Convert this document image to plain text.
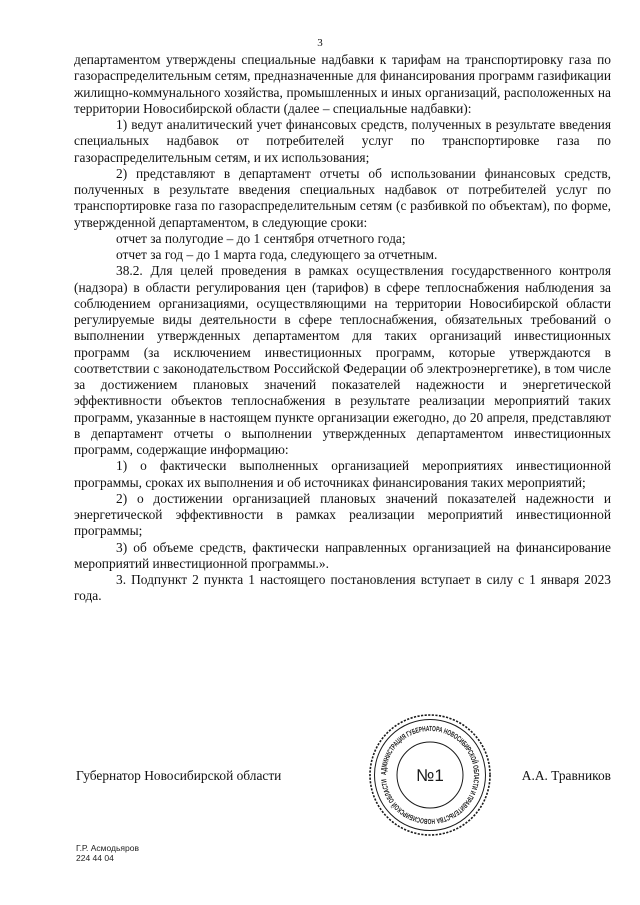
3

департаментом утверждены специальные надбавки к тарифам на транспортировку газа по газораспределительным сетям, предназначенные для финансирования программ газификации жилищно-коммунального хозяйства, промышленных и иных организаций, расположенных на территории Новосибирской области (далее – специальные надбавки):

1) ведут аналитический учет финансовых средств, полученных в результате введения специальных надбавок от потребителей услуг по транспортировке газа по газораспределительным сетям, и их использования;

2) представляют в департамент отчеты об использовании финансовых средств, полученных в результате введения специальных надбавок от потребителей услуг по транспортировке газа по газораспределительным сетям (с разбивкой по объектам), по форме, утвержденной департаментом, в следующие сроки:

отчет за полугодие – до 1 сентября отчетного года;

отчет за год – до 1 марта года, следующего за отчетным.

38.2. Для целей проведения в рамках осуществления государственного контроля (надзора) в области регулирования цен (тарифов) в сфере теплоснабжения наблюдения за соблюдением организациями, осуществляющими на территории Новосибирской области регулируемые виды деятельности в сфере теплоснабжения, обязательных требований о выполнении утвержденных департаментом для таких организаций инвестиционных программ (за исключением инвестиционных программ, которые утверждаются в соответствии с законодательством Российской Федерации об электроэнергетике), в том числе за достижением плановых значений показателей надежности и энергетической эффективности объектов теплоснабжения в результате реализации мероприятий таких программ, указанные в настоящем пункте организации ежегодно, до 20 апреля, представляют в департамент отчеты о выполнении утвержденных департаментом инвестиционных программ, содержащие информацию:

1) о фактически выполненных организацией мероприятиях инвестиционной программы, сроках их выполнения и об источниках финансирования таких мероприятий;

2) о достижении организацией плановых значений показателей надежности и энергетической эффективности в рамках реализации мероприятий инвестиционной программы;

3) об объеме средств, фактически направленных организацией на финансирование мероприятий инвестиционной программы.».

3. Подпункт 2 пункта 1 настоящего постановления вступает в силу с 1 января 2023 года.

Губернатор Новосибирской области	А.А. Травников
АДМИНИСТРАЦИЯ ГУБЕРНАТОРА НОВОСИБИРСКОЙ ОБЛАСТИ И ПРАВИТЕЛЬСТВА НОВОСИБИРСКОЙ ОБЛАСТИ	№1
Г.Р. Асмодьяров
224 44 04
